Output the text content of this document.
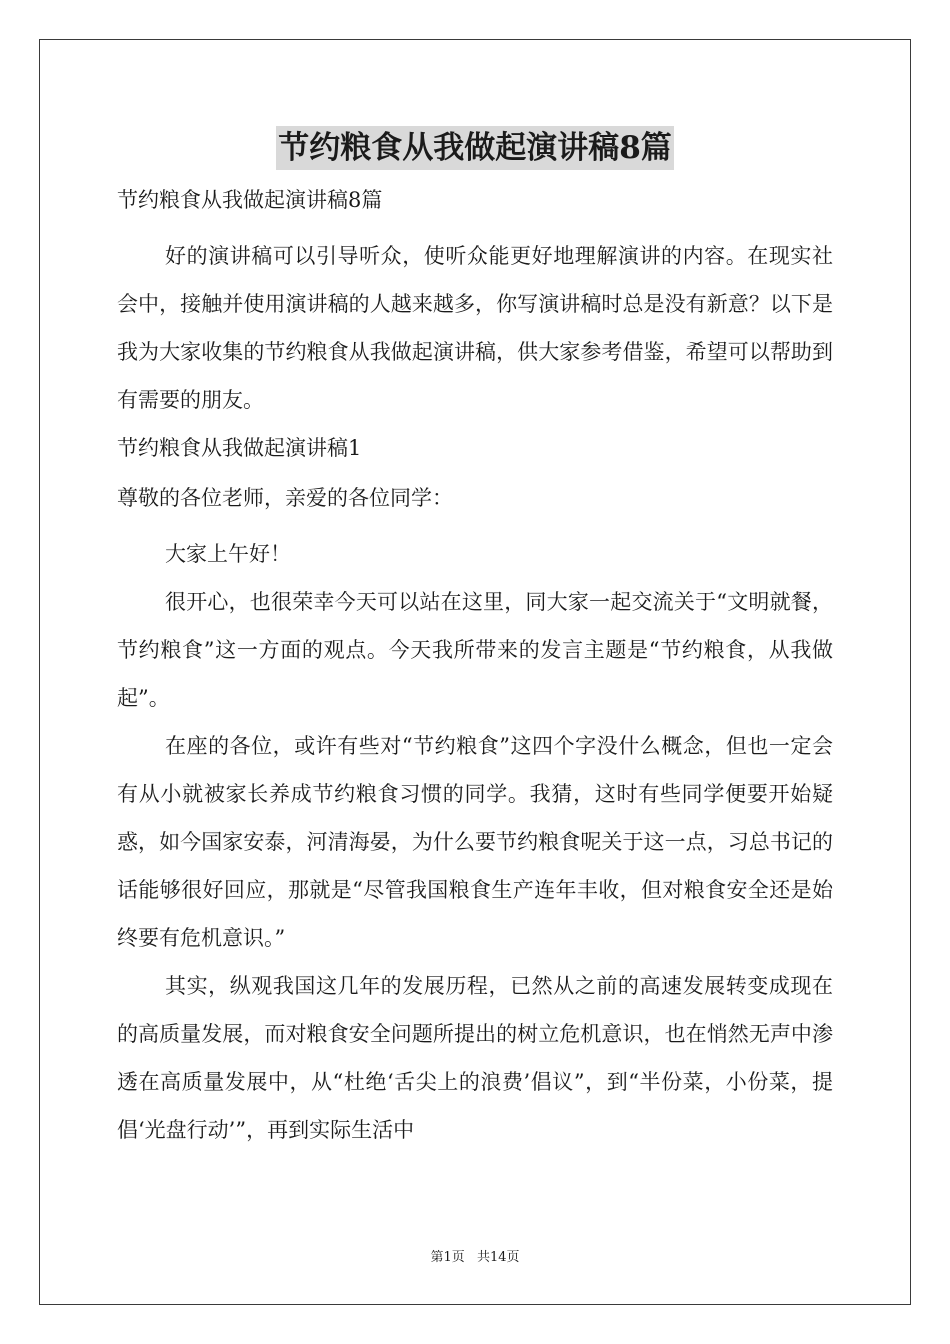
节约粮食从我做起演讲稿8篇

节约粮食从我做起演讲稿8篇

好的演讲稿可以引导听众，使听众能更好地理解演讲的内容。在现实社会中，接触并使用演讲稿的人越来越多，你写演讲稿时总是没有新意？以下是我为大家收集的节约粮食从我做起演讲稿，供大家参考借鉴，希望可以帮助到有需要的朋友。

节约粮食从我做起演讲稿1

尊敬的各位老师，亲爱的各位同学：

大家上午好！

很开心，也很荣幸今天可以站在这里，同大家一起交流关于“文明就餐，节约粮食”这一方面的观点。今天我所带来的发言主题是“节约粮食，从我做起”。

在座的各位，或许有些对“节约粮食”这四个字没什么概念，但也一定会有从小就被家长养成节约粮食习惯的同学。我猜，这时有些同学便要开始疑惑，如今国家安泰，河清海晏，为什么要节约粮食呢关于这一点，习总书记的话能够很好回应，那就是“尽管我国粮食生产连年丰收，但对粮食安全还是始终要有危机意识。”

其实，纵观我国这几年的发展历程，已然从之前的高速发展转变成现在的高质量发展，而对粮食安全问题所提出的树立危机意识，也在悄然无声中渗透在高质量发展中，从“杜绝‘舌尖上的浪费’倡议”，到“半份菜，小份菜，提倡‘光盘行动’”，再到实际生活中

第1页 共14页
